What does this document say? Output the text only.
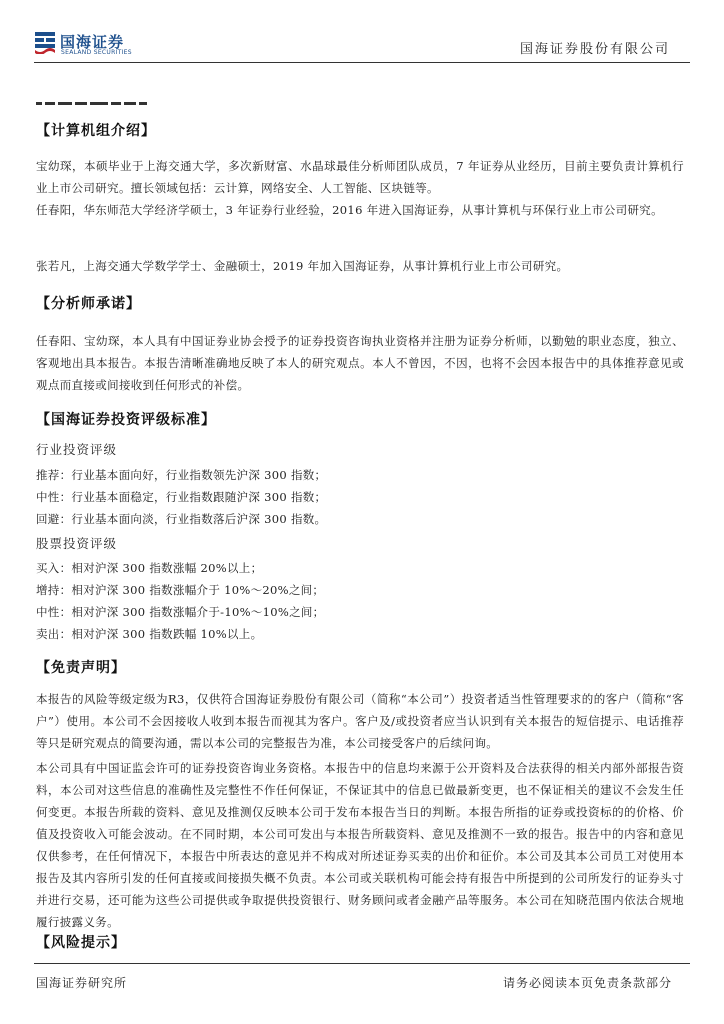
国海证券
SEALAND SECURITIES	国海证券股份有限公司
【计算机组介绍】
宝幼琛，本硕毕业于上海交通大学，多次新财富、水晶球最佳分析师团队成员，7 年证券从业经历，目前主要负责计算机行业上市公司研究。擅长领域包括：云计算，网络安全、人工智能、区块链等。
任春阳，华东师范大学经济学硕士，3 年证券行业经验，2016 年进入国海证券，从事计算机与环保行业上市公司研究。
张若凡，上海交通大学数学学士、金融硕士，2019 年加入国海证券，从事计算机行业上市公司研究。
【分析师承诺】
任春阳、宝幼琛，本人具有中国证券业协会授予的证券投资咨询执业资格并注册为证券分析师，以勤勉的职业态度，独立、客观地出具本报告。本报告清晰准确地反映了本人的研究观点。本人不曾因，不因，也将不会因本报告中的具体推荐意见或观点而直接或间接收到任何形式的补偿。
【国海证券投资评级标准】
行业投资评级
推荐：行业基本面向好，行业指数领先沪深 300 指数；
中性：行业基本面稳定，行业指数跟随沪深 300 指数；
回避：行业基本面向淡，行业指数落后沪深 300 指数。
股票投资评级
买入：相对沪深 300 指数涨幅 20%以上；
增持：相对沪深 300 指数涨幅介于 10%～20%之间；
中性：相对沪深 300 指数涨幅介于-10%～10%之间；
卖出：相对沪深 300 指数跌幅 10%以上。
【免责声明】
本报告的风险等级定级为R3，仅供符合国海证券股份有限公司（简称“本公司”）投资者适当性管理要求的的客户（简称“客户”）使用。本公司不会因接收人收到本报告而视其为客户。客户及/或投资者应当认识到有关本报告的短信提示、电话推荐等只是研究观点的简要沟通，需以本公司的完整报告为准，本公司接受客户的后续问询。
本公司具有中国证监会许可的证券投资咨询业务资格。本报告中的信息均来源于公开资料及合法获得的相关内部外部报告资料，本公司对这些信息的准确性及完整性不作任何保证，不保证其中的信息已做最新变更，也不保证相关的建议不会发生任何变更。本报告所载的资料、意见及推测仅反映本公司于发布本报告当日的判断。本报告所指的证券或投资标的的价格、价值及投资收入可能会波动。在不同时期，本公司可发出与本报告所载资料、意见及推测不一致的报告。报告中的内容和意见仅供参考，在任何情况下，本报告中所表达的意见并不构成对所述证券买卖的出价和征价。本公司及其本公司员工对使用本报告及其内容所引发的任何直接或间接损失概不负责。本公司或关联机构可能会持有报告中所提到的公司所发行的证券头寸并进行交易，还可能为这些公司提供或争取提供投资银行、财务顾问或者金融产品等服务。本公司在知晓范围内依法合规地履行披露义务。
【风险提示】
国海证券研究所	请务必阅读本页免责条款部分
